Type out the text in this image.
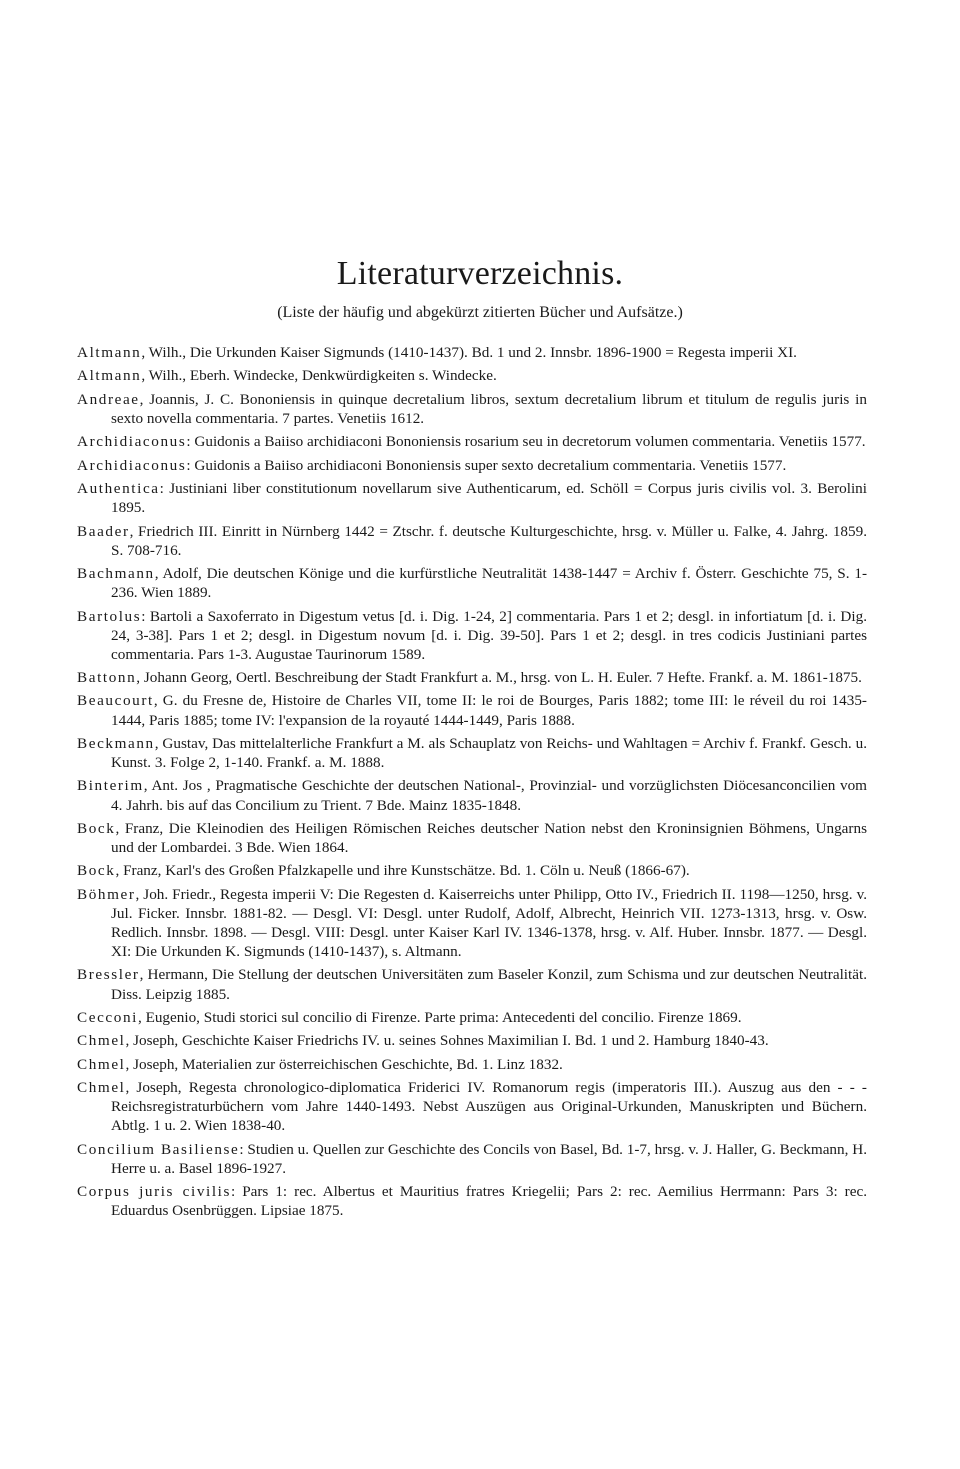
Literaturverzeichnis.
(Liste der häufig und abgekürzt zitierten Bücher und Aufsätze.)

Altmann, Wilh., Die Urkunden Kaiser Sigmunds (1410-1437). Bd. 1 und 2. Innsbr. 1896-1900 = Regesta imperii XI.

Altmann, Wilh., Eberh. Windecke, Denkwürdigkeiten s. Windecke.

Andreae, Joannis, J. C. Bononiensis in quinque decretalium libros, sextum decretalium librum et titulum de regulis juris in sexto novella commentaria. 7 partes. Venetiis 1612.

Archidiaconus: Guidonis a Baiiso archidiaconi Bononiensis rosarium seu in decretorum volumen commentaria. Venetiis 1577.

Archidiaconus: Guidonis a Baiiso archidiaconi Bononiensis super sexto decretalium commentaria. Venetiis 1577.

Authentica: Justiniani liber constitutionum novellarum sive Authenticarum, ed. Schöll = Corpus juris civilis vol. 3. Berolini 1895.

Baader, Friedrich III. Einritt in Nürnberg 1442 = Ztschr. f. deutsche Kulturgeschichte, hrsg. v. Müller u. Falke, 4. Jahrg. 1859. S. 708-716.

Bachmann, Adolf, Die deutschen Könige und die kurfürstliche Neutralität 1438-1447 = Archiv f. Österr. Geschichte 75, S. 1-236. Wien 1889.

Bartolus: Bartoli a Saxoferrato in Digestum vetus [d. i. Dig. 1-24, 2] commentaria. Pars 1 et 2; desgl. in infortiatum [d. i. Dig. 24, 3-38]. Pars 1 et 2; desgl. in Digestum novum [d. i. Dig. 39-50]. Pars 1 et 2; desgl. in tres codicis Justiniani partes commentaria. Pars 1-3. Augustae Taurinorum 1589.

Battonn, Johann Georg, Oertl. Beschreibung der Stadt Frankfurt a. M., hrsg. von L. H. Euler. 7 Hefte. Frankf. a. M. 1861-1875.

Beaucourt, G. du Fresne de, Histoire de Charles VII, tome II: le roi de Bourges, Paris 1882; tome III: le réveil du roi 1435-1444, Paris 1885; tome IV: l'expansion de la royauté 1444-1449, Paris 1888.

Beckmann, Gustav, Das mittelalterliche Frankfurt a M. als Schauplatz von Reichs- und Wahltagen = Archiv f. Frankf. Gesch. u. Kunst. 3. Folge 2, 1-140. Frankf. a. M. 1888.

Binterim, Ant. Jos , Pragmatische Geschichte der deutschen National-, Provinzial- und vorzüglichsten Diöcesanconcilien vom 4. Jahrh. bis auf das Concilium zu Trient. 7 Bde. Mainz 1835-1848.

Bock, Franz, Die Kleinodien des Heiligen Römischen Reiches deutscher Nation nebst den Kroninsignien Böhmens, Ungarns und der Lombardei. 3 Bde. Wien 1864.

Bock, Franz, Karl's des Großen Pfalzkapelle und ihre Kunstschätze. Bd. 1. Cöln u. Neuß (1866-67).

Böhmer, Joh. Friedr., Regesta imperii V: Die Regesten d. Kaiserreichs unter Philipp, Otto IV., Friedrich II. 1198—1250, hrsg. v. Jul. Ficker. Innsbr. 1881-82. — Desgl. VI: Desgl. unter Rudolf, Adolf, Albrecht, Heinrich VII. 1273-1313, hrsg. v. Osw. Redlich. Innsbr. 1898. — Desgl. VIII: Desgl. unter Kaiser Karl IV. 1346-1378, hrsg. v. Alf. Huber. Innsbr. 1877. — Desgl. XI: Die Urkunden K. Sigmunds (1410-1437), s. Altmann.

Bressler, Hermann, Die Stellung der deutschen Universitäten zum Baseler Konzil, zum Schisma und zur deutschen Neutralität. Diss. Leipzig 1885.

Cecconi, Eugenio, Studi storici sul concilio di Firenze. Parte prima: Antecedenti del concilio. Firenze 1869.

Chmel, Joseph, Geschichte Kaiser Friedrichs IV. u. seines Sohnes Maximilian I. Bd. 1 und 2. Hamburg 1840-43.

Chmel, Joseph, Materialien zur österreichischen Geschichte, Bd. 1. Linz 1832.

Chmel, Joseph, Regesta chronologico-diplomatica Friderici IV. Romanorum regis (imperatoris III.). Auszug aus den - - - Reichsregistraturbüchern vom Jahre 1440-1493. Nebst Auszügen aus Original-Urkunden, Manuskripten und Büchern. Abtlg. 1 u. 2. Wien 1838-40.

Concilium Basiliense: Studien u. Quellen zur Geschichte des Concils von Basel, Bd. 1-7, hrsg. v. J. Haller, G. Beckmann, H. Herre u. a. Basel 1896-1927.

Corpus juris civilis: Pars 1: rec. Albertus et Mauritius fratres Kriegelii; Pars 2: rec. Aemilius Herrmann: Pars 3: rec. Eduardus Osenbrüggen. Lipsiae 1875.
